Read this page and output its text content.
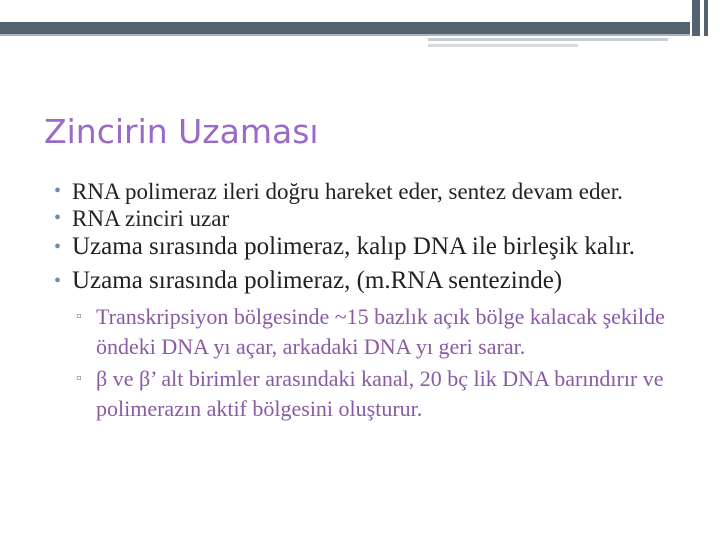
Zincirin Uzaması
• RNA polimeraz ileri doğru hareket eder, sentez devam eder.
• RNA zinciri uzar
• Uzama sırasında polimeraz, kalıp DNA ile birleşik kalır.
• Uzama sırasında polimeraz, (m.RNA sentezinde)
▫ Transkripsiyon bölgesinde ~15 bazlık açık bölge kalacak şekilde öndeki DNA yı açar, arkadaki DNA yı geri sarar.
▫ β ve β’ alt birimler arasındaki kanal, 20 bç lik DNA barındırır ve polimerazın aktif bölgesini oluşturur.
